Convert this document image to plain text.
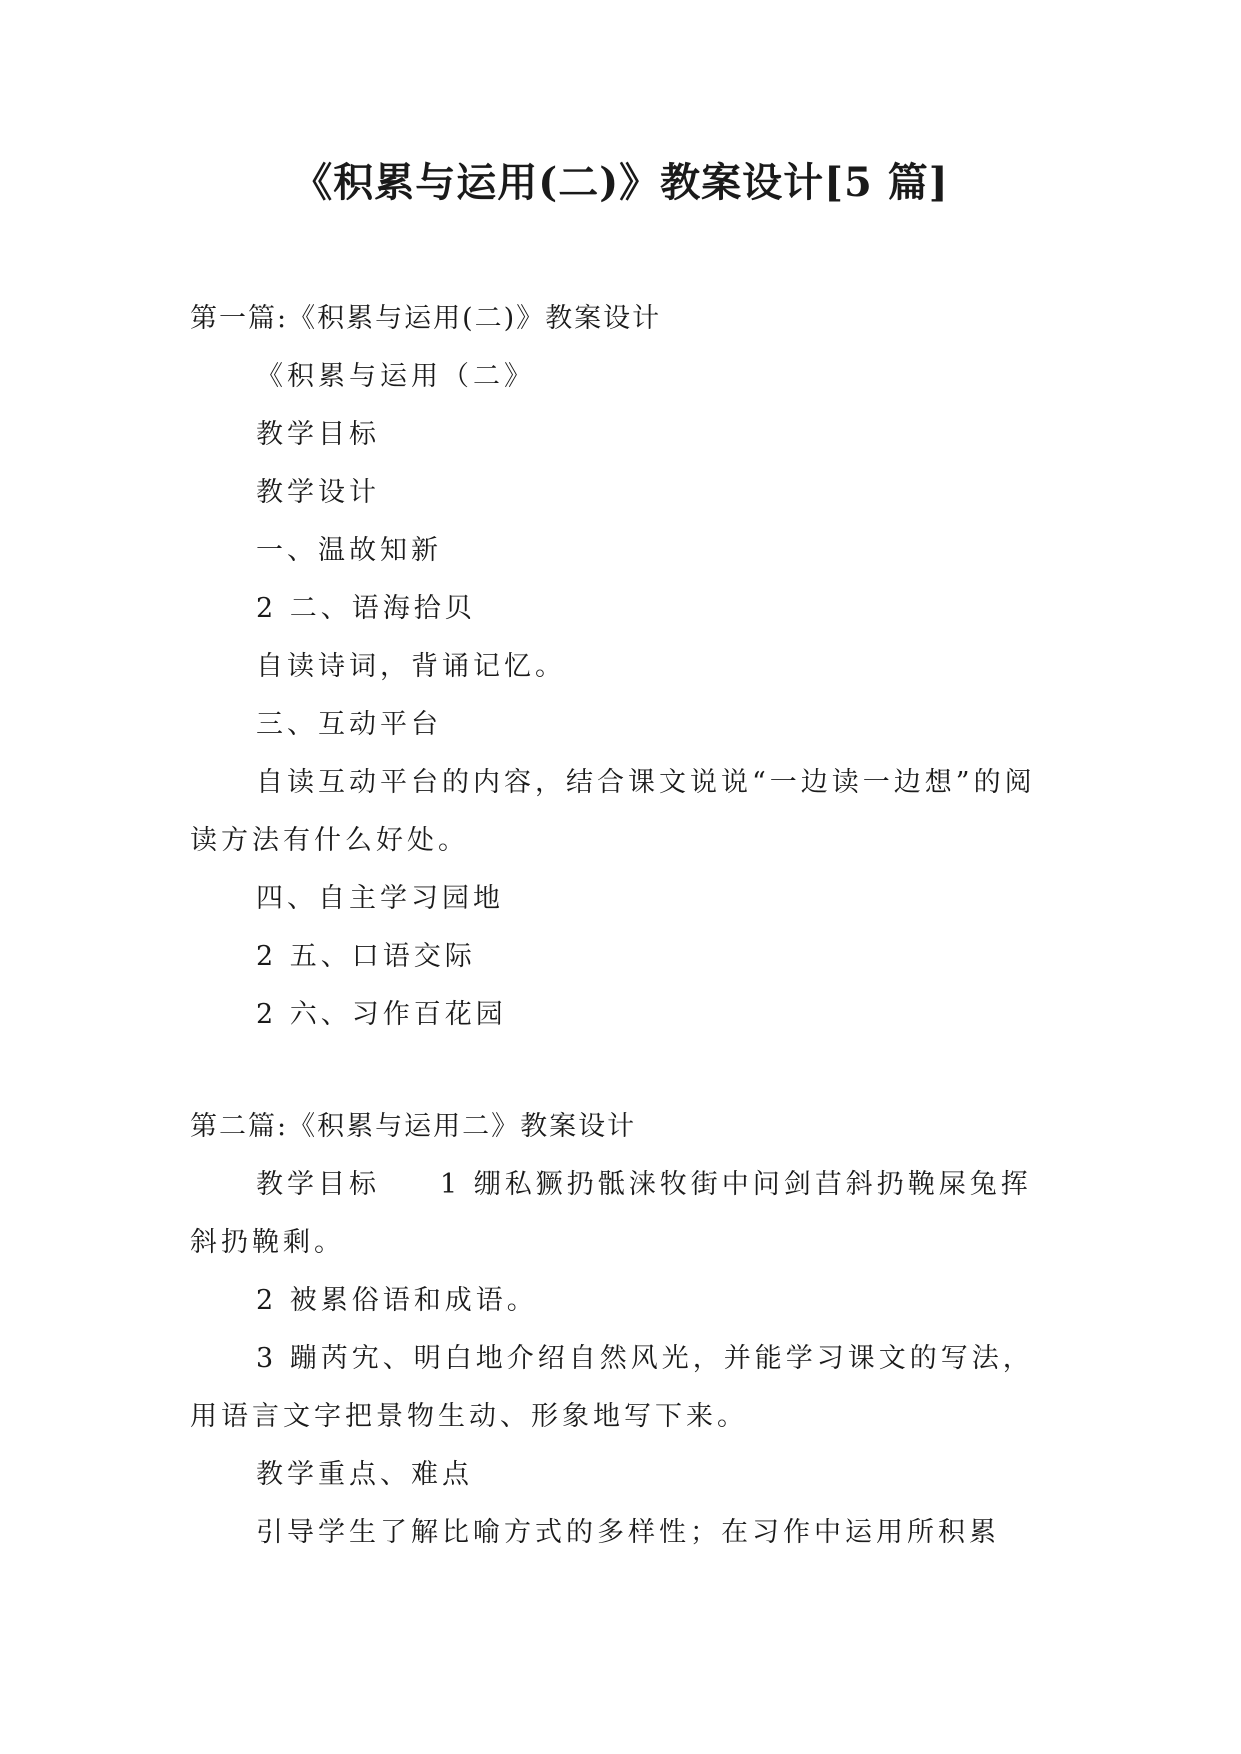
《积累与运用(二)》教案设计[5 篇]
第一篇:《积累与运用(二)》教案设计
《积累与运用（二》
教学目标
教学设计
一、温故知新
2 二、语海拾贝
自读诗词，背诵记忆。
三、互动平台
自读互动平台的内容，结合课文说说“一边读一边想”的阅读方法有什么好处。
四、自主学习园地
2 五、口语交际
2 六、习作百花园
第二篇:《积累与运用二》教案设计
教学目标 1 绷私獗扔骶涞牧街中问剑䒤斜扔鞔屎兔挥斜扔鞔剩。
2 被累俗语和成语。
3 蹦芮宄、明白地介绍自然风光，并能学习课文的写法，用语言文字把景物生动、形象地写下来。
教学重点、难点
引导学生了解比喻方式的多样性；在习作中运用所积累
